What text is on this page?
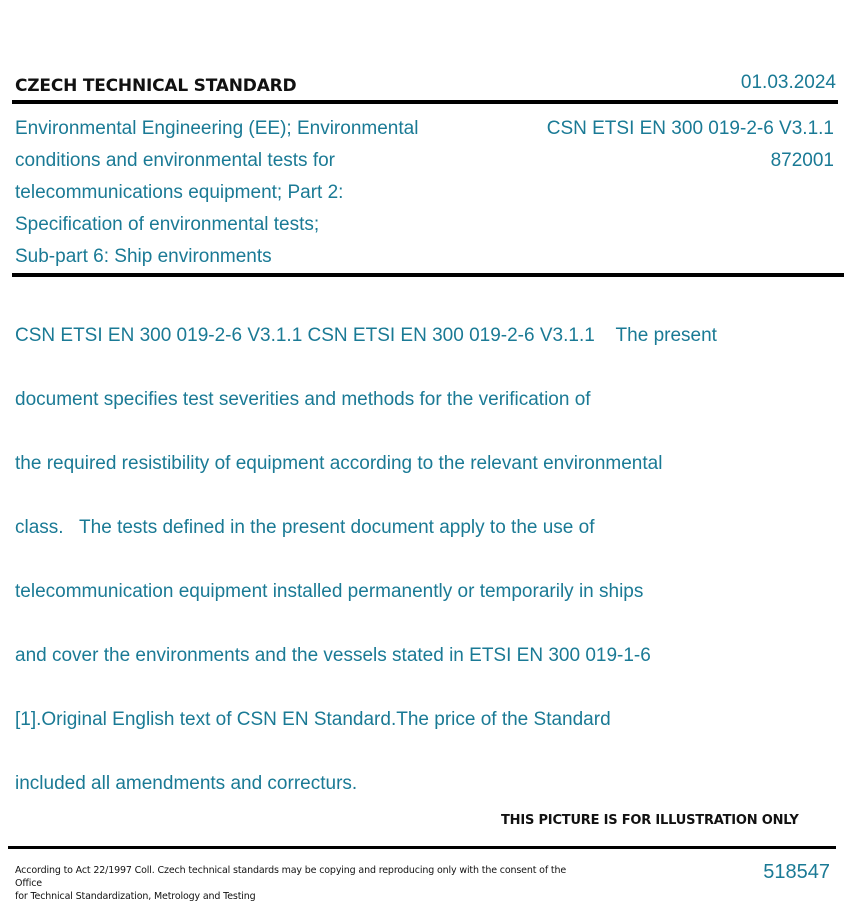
CZECH TECHNICAL STANDARD	01.03.2024
Environmental Engineering (EE); Environmental
conditions and environmental tests for
telecommunications equipment; Part 2:
Specification of environmental tests;
Sub-part 6: Ship environments
CSN ETSI EN 300 019-2-6 V3.1.1
872001

CSN ETSI EN 300 019-2-6 V3.1.1 CSN ETSI EN 300 019-2-6 V3.1.1    The present

document specifies test severities and methods for the verification of

the required resistibility of equipment according to the relevant environmental

class.   The tests defined in the present document apply to the use of

telecommunication equipment installed permanently or temporarily in ships

and cover the environments and the vessels stated in ETSI EN 300 019-1-6

[1].Original English text of CSN EN Standard.The price of the Standard

included all amendments and correcturs.

THIS PICTURE IS FOR ILLUSTRATION ONLY
According to Act 22/1997 Coll. Czech technical standards may be copying and reproducing only with the consent of the Office
for Technical Standardization, Metrology and Testing
518547
